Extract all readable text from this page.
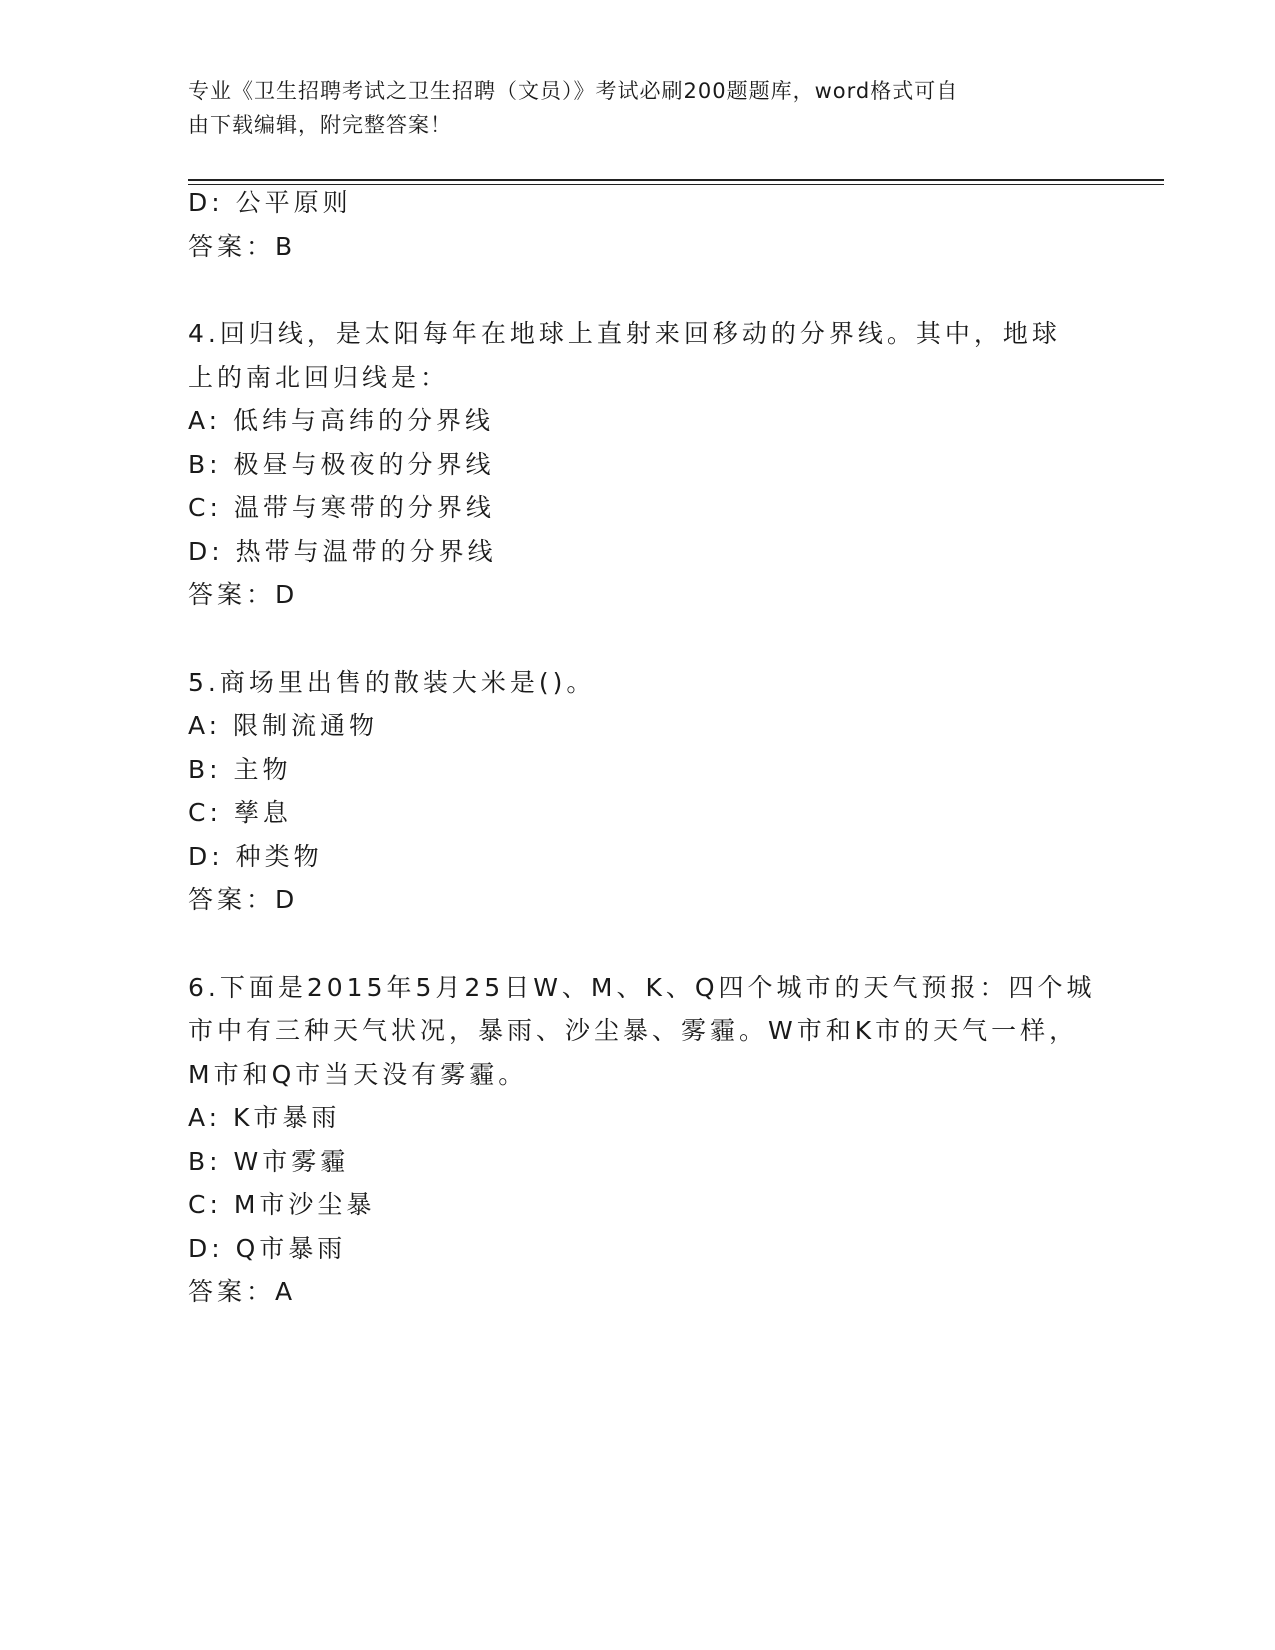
专业《卫生招聘考试之卫生招聘（文员）》考试必刷200题题库，word格式可自
由下载编辑，附完整答案！
D: 公平原则
答案：B
4.回归线，是太阳每年在地球上直射来回移动的分界线。其中，地球
上的南北回归线是：
A: 低纬与高纬的分界线
B: 极昼与极夜的分界线
C: 温带与寒带的分界线
D: 热带与温带的分界线
答案：D
5.商场里出售的散装大米是()。
A: 限制流通物
B: 主物
C: 孳息
D: 种类物
答案：D
6.下面是2015年5月25日W、M、K、Q四个城市的天气预报：四个城
市中有三种天气状况，暴雨、沙尘暴、雾霾。W市和K市的天气一样，
M市和Q市当天没有雾霾。
A: K市暴雨
B: W市雾霾
C: M市沙尘暴
D: Q市暴雨
答案：A
